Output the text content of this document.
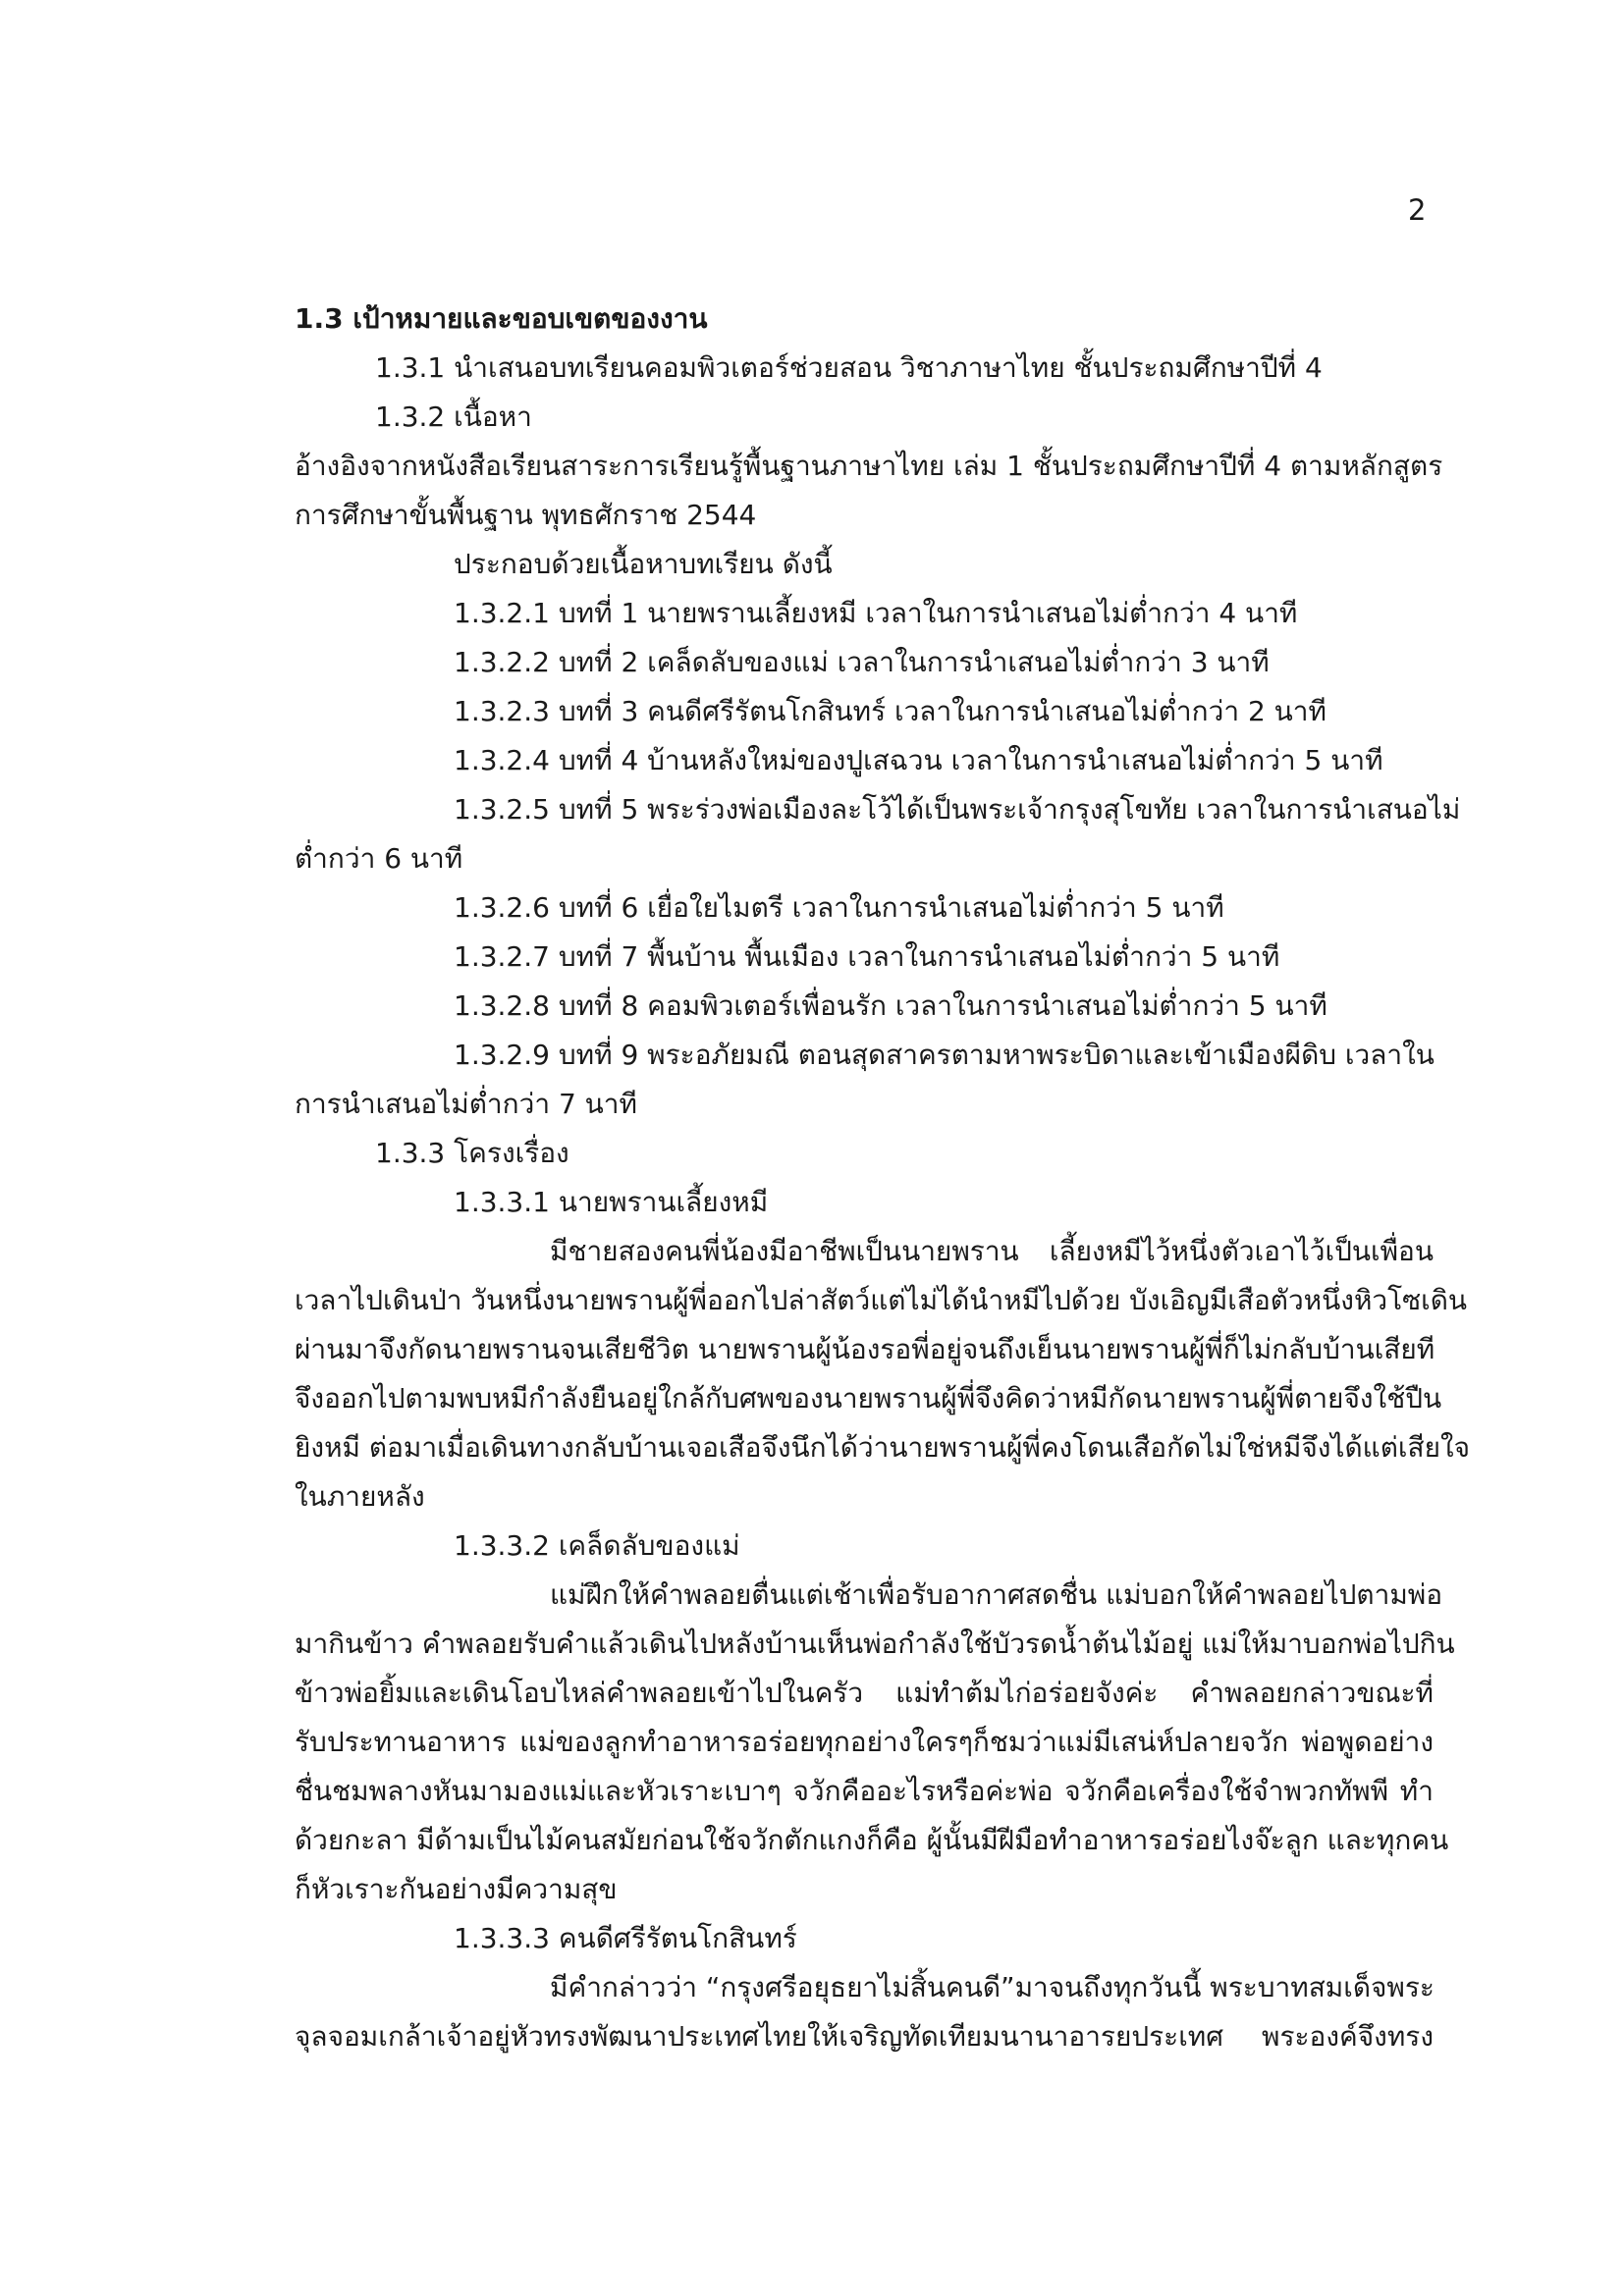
2
1.3 เป้าหมายและขอบเขตของงาน
1.3.1 นำเสนอบทเรียนคอมพิวเตอร์ช่วยสอน วิชาภาษาไทย ชั้นประถมศึกษาปีที่ 4
1.3.2 เนื้อหา
อ้างอิงจากหนังสือเรียนสาระการเรียนรู้พื้นฐานภาษาไทย เล่ม 1 ชั้นประถมศึกษาปีที่ 4 ตามหลักสูตร
การศึกษาขั้นพื้นฐาน พุทธศักราช 2544
ประกอบด้วยเนื้อหาบทเรียน ดังนี้
1.3.2.1 บทที่ 1 นายพรานเลี้ยงหมี เวลาในการนำเสนอไม่ต่ำกว่า 4 นาที
1.3.2.2 บทที่ 2 เคล็ดลับของแม่ เวลาในการนำเสนอไม่ต่ำกว่า 3 นาที
1.3.2.3 บทที่ 3 คนดีศรีรัตนโกสินทร์ เวลาในการนำเสนอไม่ต่ำกว่า 2 นาที
1.3.2.4 บทที่ 4 บ้านหลังใหม่ของปูเสฉวน เวลาในการนำเสนอไม่ต่ำกว่า 5 นาที
1.3.2.5 บทที่ 5 พระร่วงพ่อเมืองละโว้ได้เป็นพระเจ้ากรุงสุโขทัย เวลาในการนำเสนอไม่
ต่ำกว่า 6 นาที
1.3.2.6 บทที่ 6 เยื่อใยไมตรี เวลาในการนำเสนอไม่ต่ำกว่า 5 นาที
1.3.2.7 บทที่ 7 พื้นบ้าน พื้นเมือง เวลาในการนำเสนอไม่ต่ำกว่า 5 นาที
1.3.2.8 บทที่ 8 คอมพิวเตอร์เพื่อนรัก เวลาในการนำเสนอไม่ต่ำกว่า 5 นาที
1.3.2.9 บทที่ 9 พระอภัยมณี ตอนสุดสาครตามหาพระบิดาและเข้าเมืองผีดิบ เวลาใน
การนำเสนอไม่ต่ำกว่า 7 นาที
1.3.3 โครงเรื่อง
1.3.3.1 นายพรานเลี้ยงหมี
มีชายสองคนพี่น้องมีอาชีพเป็นนายพราน เลี้ยงหมีไว้หนึ่งตัวเอาไว้เป็นเพื่อน
เวลาไปเดินป่า วันหนึ่งนายพรานผู้พี่ออกไปล่าสัตว์แต่ไม่ได้นำหมีไปด้วย บังเอิญมีเสือตัวหนึ่งหิวโซเดิน
ผ่านมาจึงกัดนายพรานจนเสียชีวิต นายพรานผู้น้องรอพี่อยู่จนถึงเย็นนายพรานผู้พี่ก็ไม่กลับบ้านเสียที
จึงออกไปตามพบหมีกำลังยืนอยู่ใกล้กับศพของนายพรานผู้พี่จึงคิดว่าหมีกัดนายพรานผู้พี่ตายจึงใช้ปืน
ยิงหมี ต่อมาเมื่อเดินทางกลับบ้านเจอเสือจึงนึกได้ว่านายพรานผู้พี่คงโดนเสือกัดไม่ใช่หมีจึงได้แต่เสียใจ
ในภายหลัง
1.3.3.2 เคล็ดลับของแม่
แม่ฝึกให้คำพลอยตื่นแต่เช้าเพื่อรับอากาศสดชื่น แม่บอกให้คำพลอยไปตามพ่อ
มากินข้าว คำพลอยรับคำแล้วเดินไปหลังบ้านเห็นพ่อกำลังใช้บัวรดน้ำต้นไม้อยู่ แม่ให้มาบอกพ่อไปกิน
ข้าวพ่อยิ้มและเดินโอบไหล่คำพลอยเข้าไปในครัว แม่ทำต้มไก่อร่อยจังค่ะ คำพลอยกล่าวขณะที่
รับประทานอาหาร แม่ของลูกทำอาหารอร่อยทุกอย่างใครๆก็ชมว่าแม่มีเสน่ห์ปลายจวัก พ่อพูดอย่าง
ชื่นชมพลางหันมามองแม่และหัวเราะเบาๆ จวักคืออะไรหรือค่ะพ่อ จวักคือเครื่องใช้จำพวกทัพพี ทำ
ด้วยกะลา มีด้ามเป็นไม้คนสมัยก่อนใช้จวักตักแกงก็คือ ผู้นั้นมีฝีมือทำอาหารอร่อยไงจ๊ะลูก และทุกคน
ก็หัวเราะกันอย่างมีความสุข
1.3.3.3 คนดีศรีรัตนโกสินทร์
มีคำกล่าวว่า “กรุงศรีอยุธยาไม่สิ้นคนดี”มาจนถึงทุกวันนี้ พระบาทสมเด็จพระ
จุลจอมเกล้าเจ้าอยู่หัวทรงพัฒนาประเทศไทยให้เจริญทัดเทียมนานาอารยประเทศ พระองค์จึงทรง
